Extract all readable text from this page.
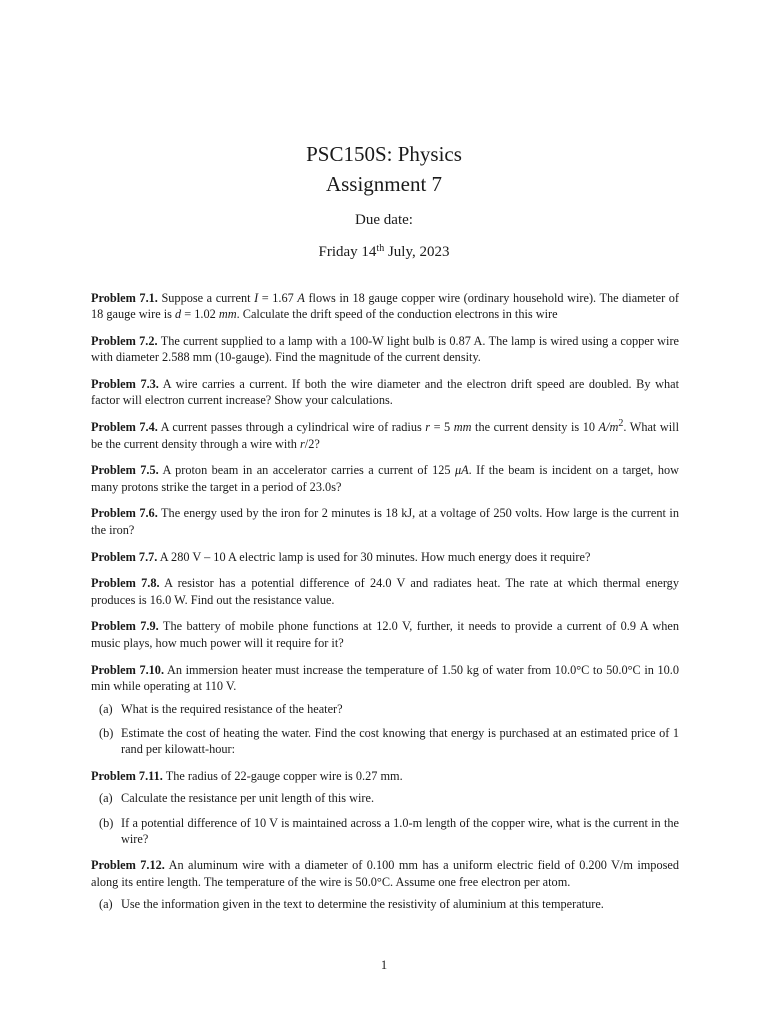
PSC150S: Physics
Assignment 7
Due date:
Friday 14th July, 2023

Problem 7.1. Suppose a current I = 1.67 A flows in 18 gauge copper wire (ordinary household wire). The diameter of 18 gauge wire is d = 1.02 mm. Calculate the drift speed of the conduction electrons in this wire

Problem 7.2. The current supplied to a lamp with a 100-W light bulb is 0.87 A. The lamp is wired using a copper wire with diameter 2.588 mm (10-gauge). Find the magnitude of the current density.

Problem 7.3. A wire carries a current. If both the wire diameter and the electron drift speed are doubled. By what factor will electron current increase? Show your calculations.

Problem 7.4. A current passes through a cylindrical wire of radius r = 5 mm the current density is 10 $A/m^2$. What will be the current density through a wire with r/2?

Problem 7.5. A proton beam in an accelerator carries a current of 125 μA. If the beam is incident on a target, how many protons strike the target in a period of 23.0s?

Problem 7.6. The energy used by the iron for 2 minutes is 18 kJ, at a voltage of 250 volts. How large is the current in the iron?

Problem 7.7. A 280 V – 10 A electric lamp is used for 30 minutes. How much energy does it require?

Problem 7.8. A resistor has a potential difference of 24.0 V and radiates heat. The rate at which thermal energy produces is 16.0 W. Find out the resistance value.

Problem 7.9. The battery of mobile phone functions at 12.0 V, further, it needs to provide a current of 0.9 A when music plays, how much power will it require for it?

Problem 7.10. An immersion heater must increase the temperature of 1.50 kg of water from 10.0°C to 50.0°C in 10.0 min while operating at 110 V.

(a) What is the required resistance of the heater?
(b) Estimate the cost of heating the water. Find the cost knowing that energy is purchased at an estimated price of 1 rand per kilowatt-hour:

Problem 7.11. The radius of 22-gauge copper wire is 0.27 mm.

(a) Calculate the resistance per unit length of this wire.
(b) If a potential difference of 10 V is maintained across a 1.0-m length of the copper wire, what is the current in the wire?

Problem 7.12. An aluminum wire with a diameter of 0.100 mm has a uniform electric field of 0.200 V/m imposed along its entire length. The temperature of the wire is 50.0°C. Assume one free electron per atom.

(a) Use the information given in the text to determine the resistivity of aluminium at this temperature.
1
